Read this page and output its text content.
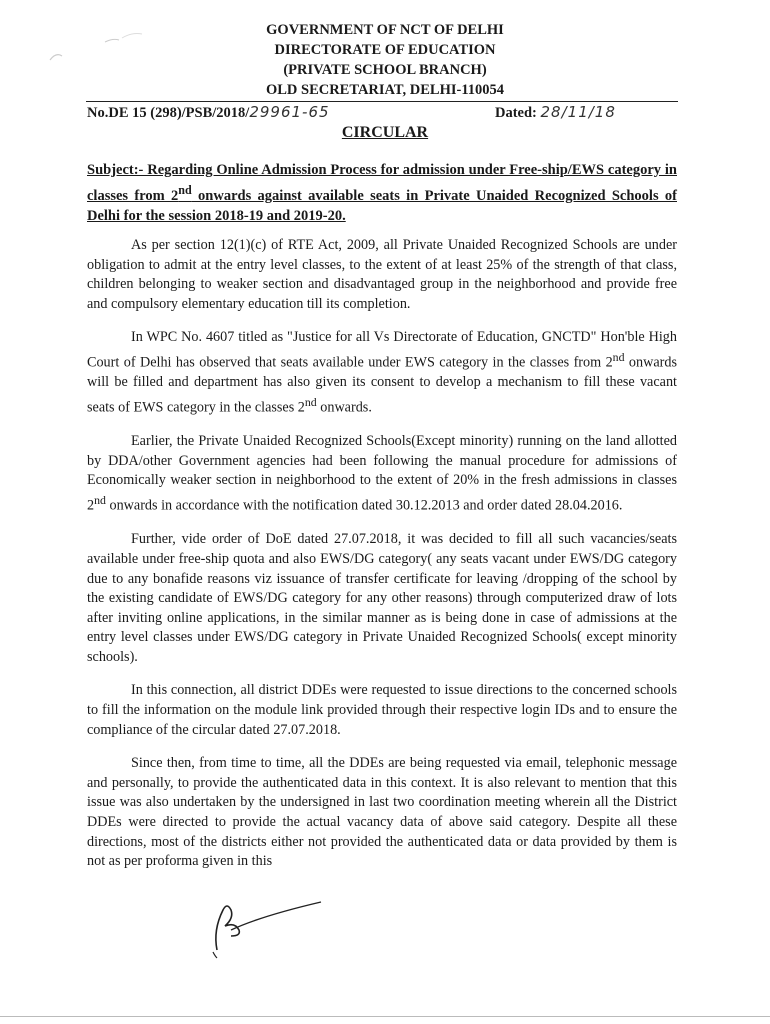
GOVERNMENT OF NCT OF DELHI
DIRECTORATE OF EDUCATION
(PRIVATE SCHOOL BRANCH)
OLD SECRETARIAT, DELHI-110054
No.DE 15 (298)/PSB/2018/29961-65	Dated: 28/11/18
CIRCULAR
Subject:- Regarding Online Admission Process for admission under Free-ship/EWS category in classes from 2nd onwards against available seats in Private Unaided Recognized Schools of Delhi for the session 2018-19 and 2019-20.

As per section 12(1)(c) of RTE Act, 2009, all Private Unaided Recognized Schools are under obligation to admit at the entry level classes, to the extent of at least 25% of the strength of that class, children belonging to weaker section and disadvantaged group in the neighborhood and provide free and compulsory elementary education till its completion.

In WPC No. 4607 titled as "Justice for all Vs Directorate of Education, GNCTD" Hon'ble High Court of Delhi has observed that seats available under EWS category in the classes from 2nd onwards will be filled and department has also given its consent to develop a mechanism to fill these vacant seats of EWS category in the classes 2nd onwards.

Earlier, the Private Unaided Recognized Schools(Except minority) running on the land allotted by DDA/other Government agencies had been following the manual procedure for admissions of Economically weaker section in neighborhood to the extent of 20% in the fresh admissions in classes 2nd onwards in accordance with the notification dated 30.12.2013 and order dated 28.04.2016.

Further, vide order of DoE dated 27.07.2018, it was decided to fill all such vacancies/seats available under free-ship quota and also EWS/DG category( any seats vacant under EWS/DG category due to any bonafide reasons viz issuance of transfer certificate for leaving /dropping of the school by the existing candidate of EWS/DG category for any other reasons) through computerized draw of lots after inviting online applications, in the similar manner as is being done in case of admissions at the entry level classes under EWS/DG category in Private Unaided Recognized Schools( except minority schools).

In this connection, all district DDEs were requested to issue directions to the concerned schools to fill the information on the module link provided through their respective login IDs and to ensure the compliance of the circular dated 27.07.2018.

Since then, from time to time, all the DDEs are being requested via email, telephonic message and personally, to provide the authenticated data in this context. It is also relevant to mention that this issue was also undertaken by the undersigned in last two coordination meeting wherein all the District DDEs were directed to provide the actual vacancy data of above said category. Despite all these directions, most of the districts either not provided the authenticated data or data provided by them is not as per proforma given in this
